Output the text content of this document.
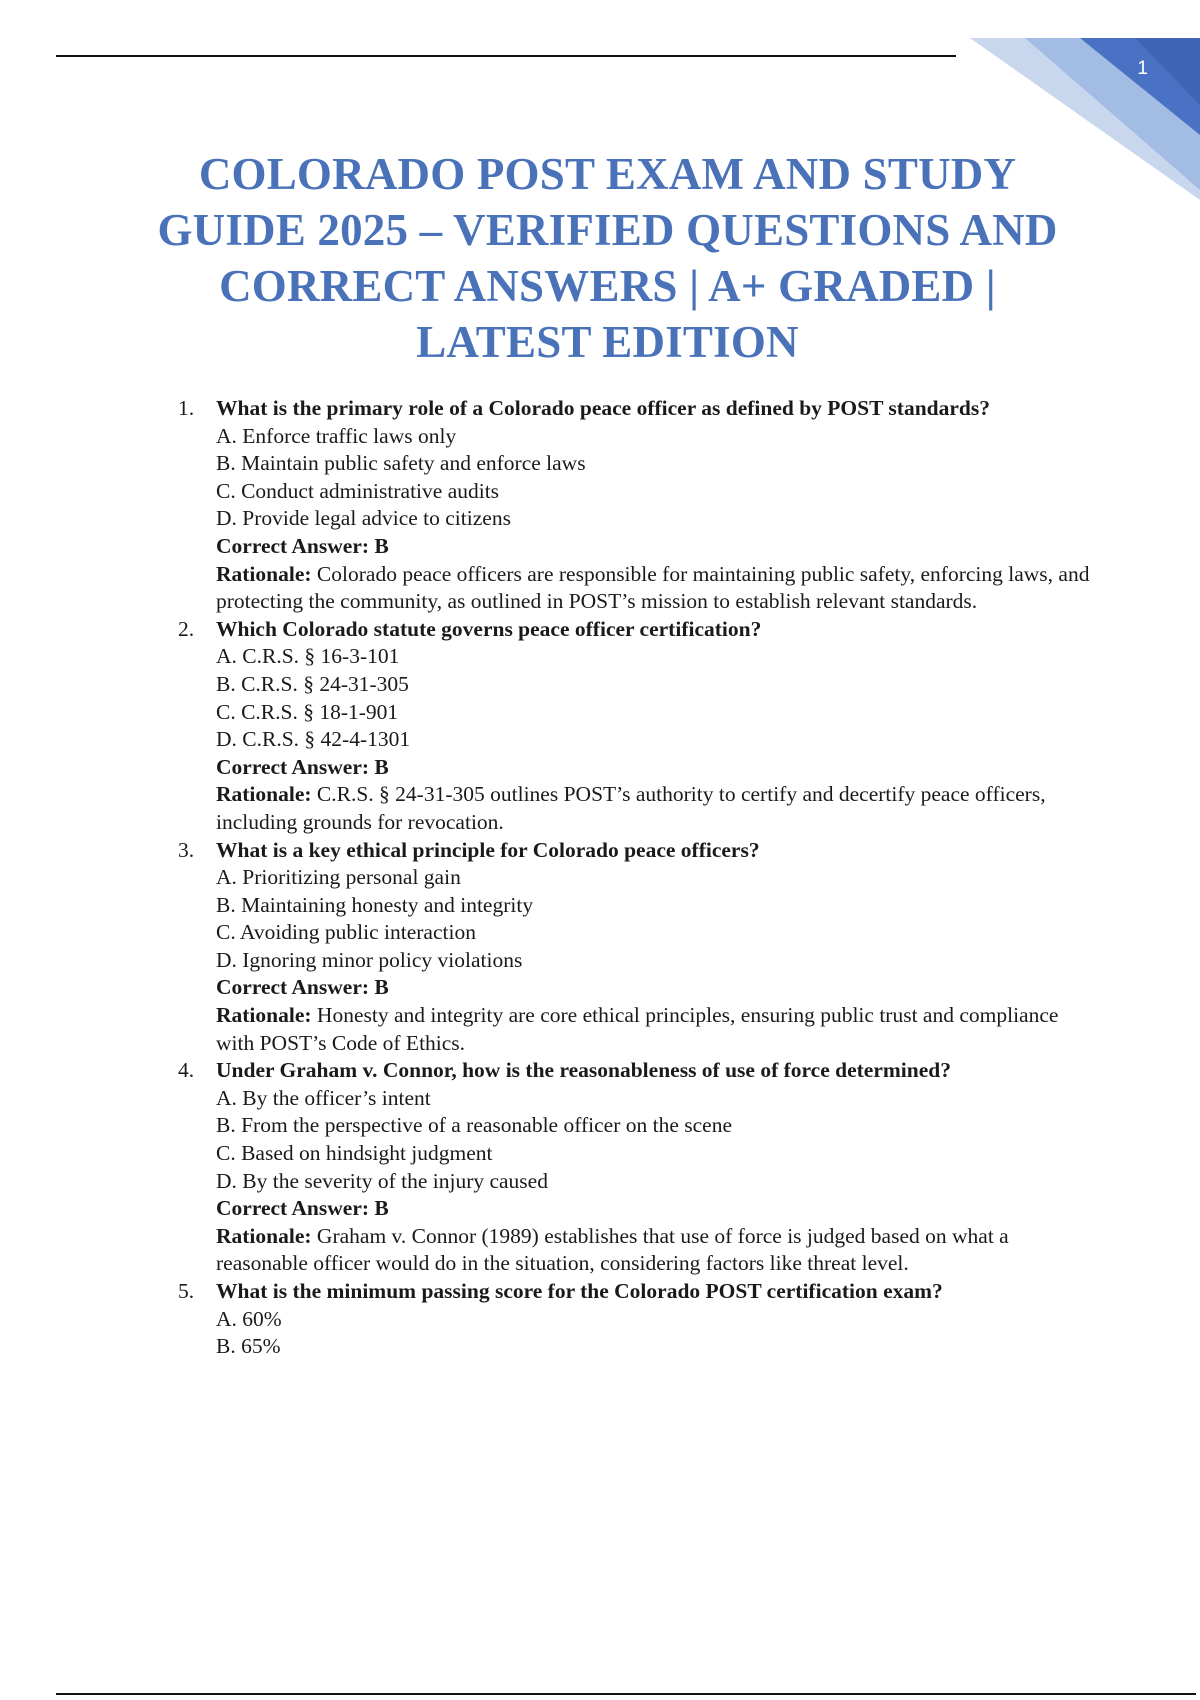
1
COLORADO POST EXAM AND STUDY GUIDE 2025 – VERIFIED QUESTIONS AND CORRECT ANSWERS | A+ GRADED | LATEST EDITION
1. What is the primary role of a Colorado peace officer as defined by POST standards?
A. Enforce traffic laws only
B. Maintain public safety and enforce laws
C. Conduct administrative audits
D. Provide legal advice to citizens
Correct Answer: B
Rationale: Colorado peace officers are responsible for maintaining public safety, enforcing laws, and protecting the community, as outlined in POST’s mission to establish relevant standards.
2. Which Colorado statute governs peace officer certification?
A. C.R.S. § 16-3-101
B. C.R.S. § 24-31-305
C. C.R.S. § 18-1-901
D. C.R.S. § 42-4-1301
Correct Answer: B
Rationale: C.R.S. § 24-31-305 outlines POST’s authority to certify and decertify peace officers, including grounds for revocation.
3. What is a key ethical principle for Colorado peace officers?
A. Prioritizing personal gain
B. Maintaining honesty and integrity
C. Avoiding public interaction
D. Ignoring minor policy violations
Correct Answer: B
Rationale: Honesty and integrity are core ethical principles, ensuring public trust and compliance with POST’s Code of Ethics.
4. Under Graham v. Connor, how is the reasonableness of use of force determined?
A. By the officer’s intent
B. From the perspective of a reasonable officer on the scene
C. Based on hindsight judgment
D. By the severity of the injury caused
Correct Answer: B
Rationale: Graham v. Connor (1989) establishes that use of force is judged based on what a reasonable officer would do in the situation, considering factors like threat level.
5. What is the minimum passing score for the Colorado POST certification exam?
A. 60%
B. 65%
